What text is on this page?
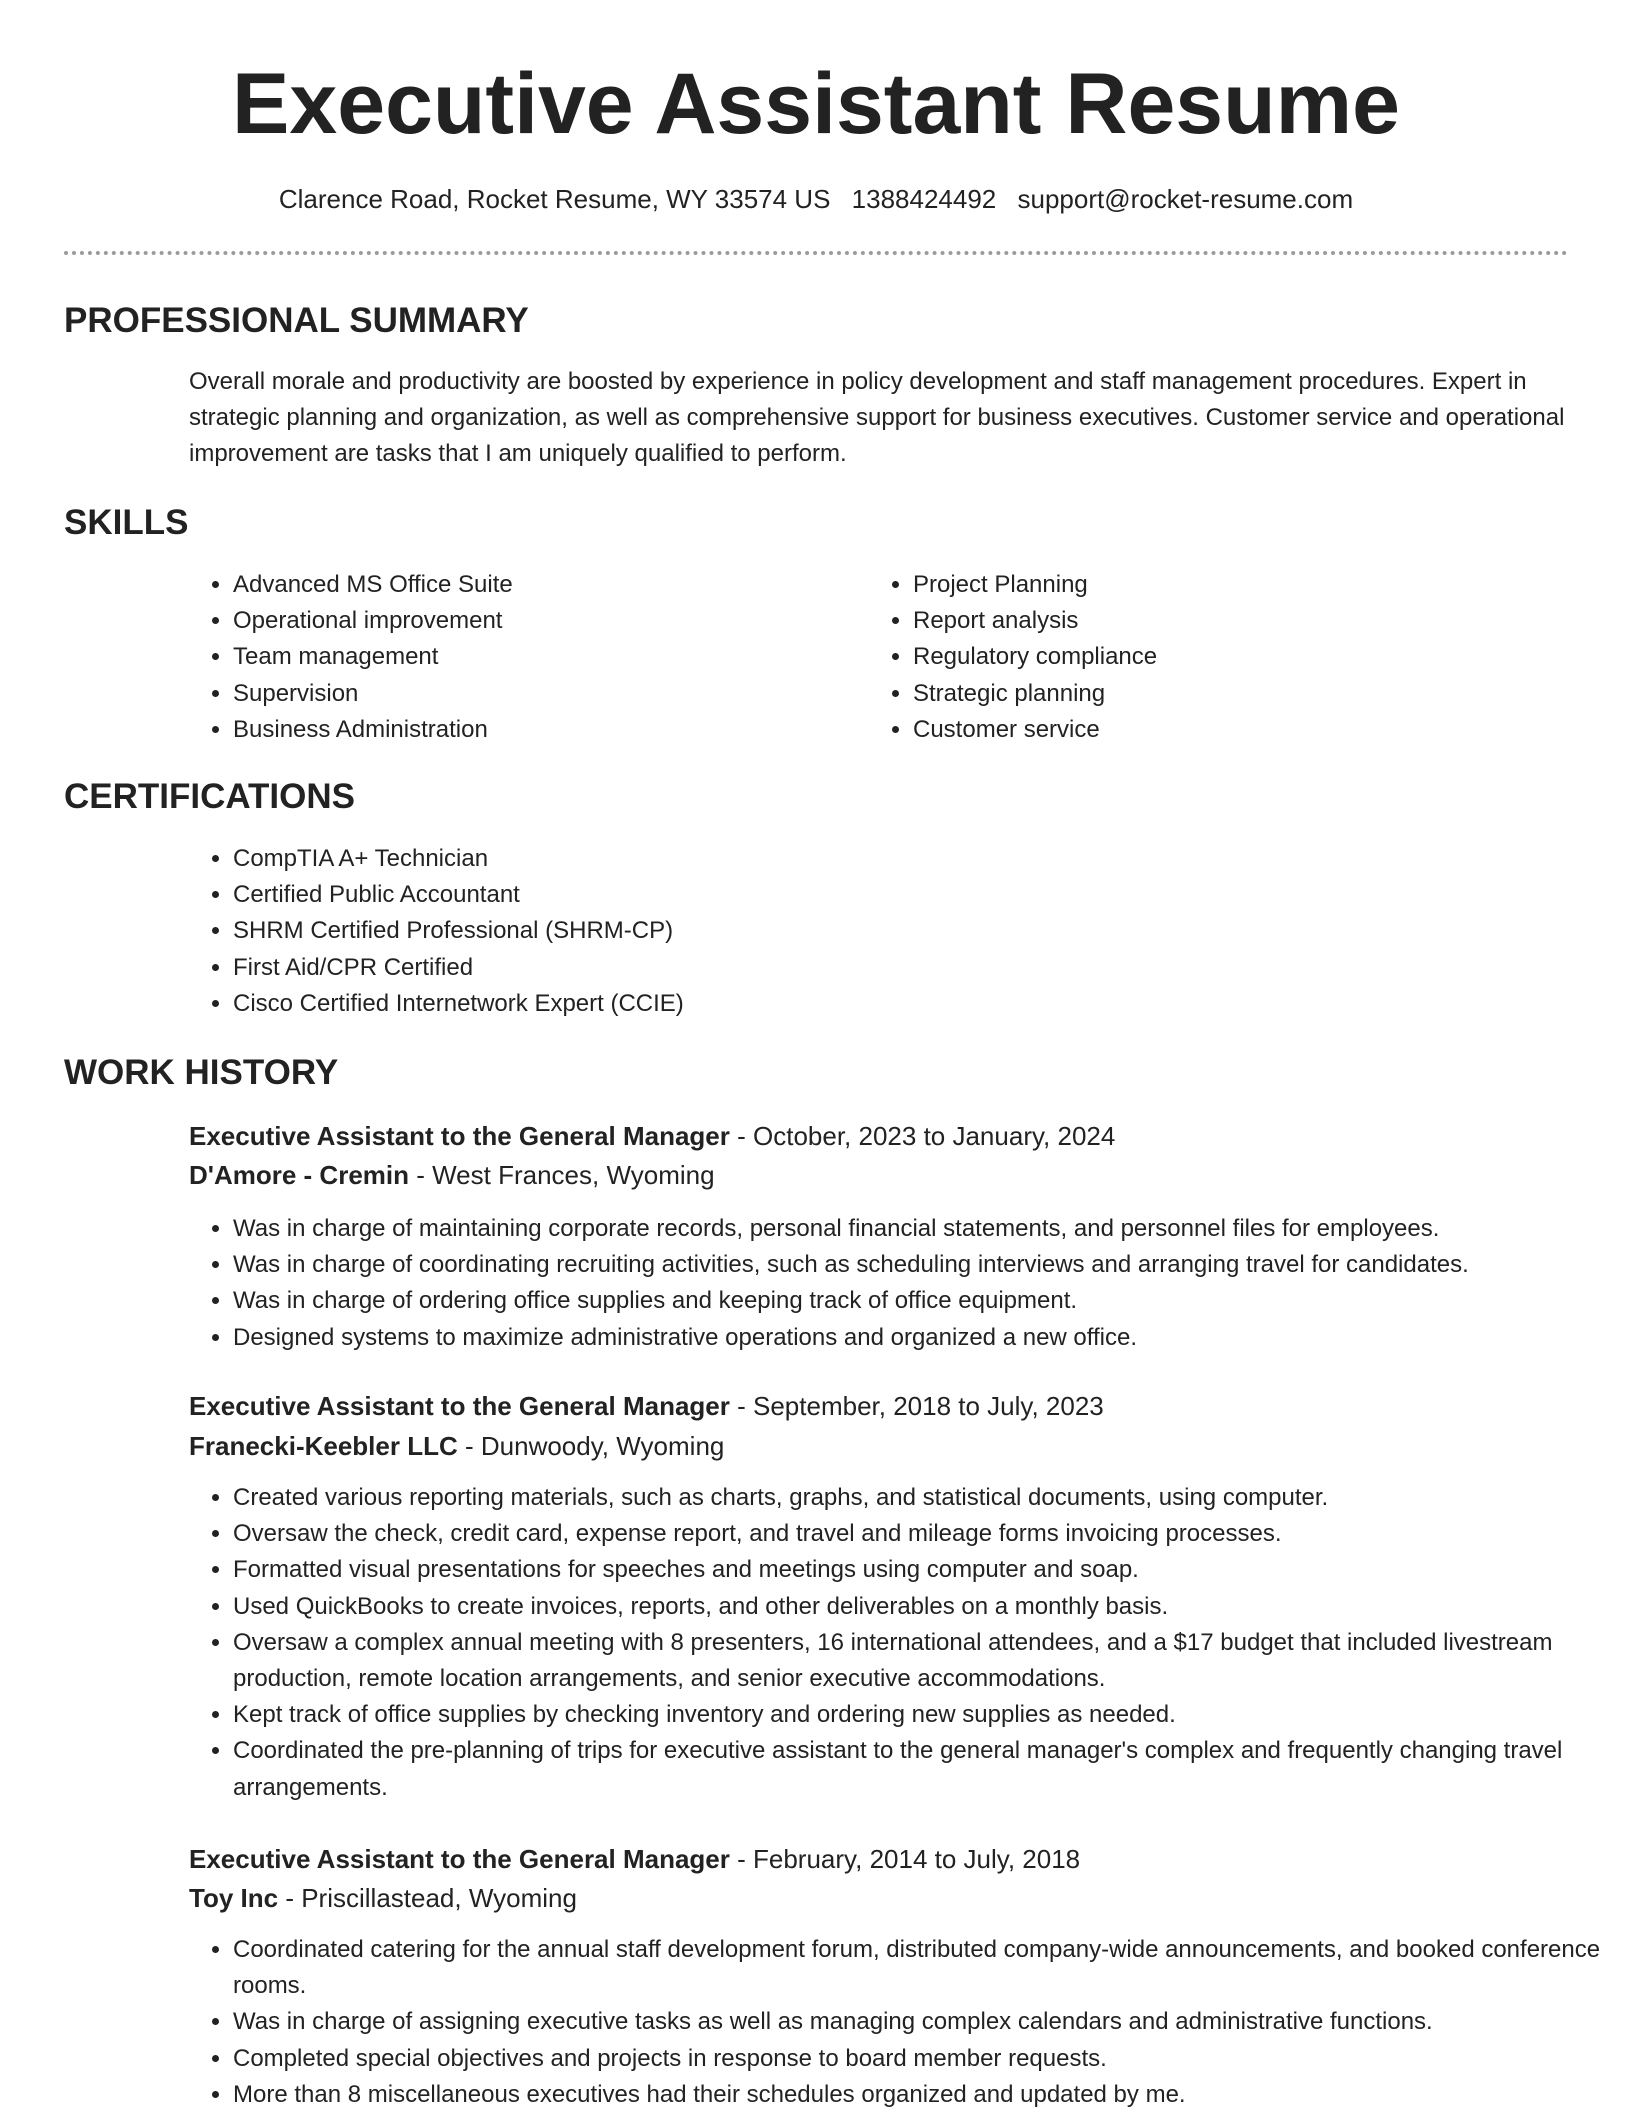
Executive Assistant Resume
Clarence Road, Rocket Resume, WY 33574 US 1388424492 support@rocket-resume.com
PROFESSIONAL SUMMARY

Overall morale and productivity are boosted by experience in policy development and staff management procedures. Expert in strategic planning and organization, as well as comprehensive support for business executives. Customer service and operational improvement are tasks that I am uniquely qualified to perform.

SKILLS
• Advanced MS Office Suite
• Operational improvement
• Team management
• Supervision
• Business Administration
• Project Planning
• Report analysis
• Regulatory compliance
• Strategic planning
• Customer service
CERTIFICATIONS
• CompTIA A+ Technician
• Certified Public Accountant
• SHRM Certified Professional (SHRM-CP)
• First Aid/CPR Certified
• Cisco Certified Internetwork Expert (CCIE)
WORK HISTORY

Executive Assistant to the General Manager - October, 2023 to January, 2024

D'Amore - Cremin - West Frances, Wyoming

• Was in charge of maintaining corporate records, personal financial statements, and personnel files for employees.
• Was in charge of coordinating recruiting activities, such as scheduling interviews and arranging travel for candidates.
• Was in charge of ordering office supplies and keeping track of office equipment.
• Designed systems to maximize administrative operations and organized a new office.

Executive Assistant to the General Manager - September, 2018 to July, 2023

Franecki-Keebler LLC - Dunwoody, Wyoming

• Created various reporting materials, such as charts, graphs, and statistical documents, using computer.
• Oversaw the check, credit card, expense report, and travel and mileage forms invoicing processes.
• Formatted visual presentations for speeches and meetings using computer and soap.
• Used QuickBooks to create invoices, reports, and other deliverables on a monthly basis.
• Oversaw a complex annual meeting with 8 presenters, 16 international attendees, and a $17 budget that included livestream production, remote location arrangements, and senior executive accommodations.
• Kept track of office supplies by checking inventory and ordering new supplies as needed.
• Coordinated the pre-planning of trips for executive assistant to the general manager's complex and frequently changing travel arrangements.

Executive Assistant to the General Manager - February, 2014 to July, 2018

Toy Inc - Priscillastead, Wyoming

• Coordinated catering for the annual staff development forum, distributed company-wide announcements, and booked conference rooms.
• Was in charge of assigning executive tasks as well as managing complex calendars and administrative functions.
• Completed special objectives and projects in response to board member requests.
• More than 8 miscellaneous executives had their schedules organized and updated by me.
